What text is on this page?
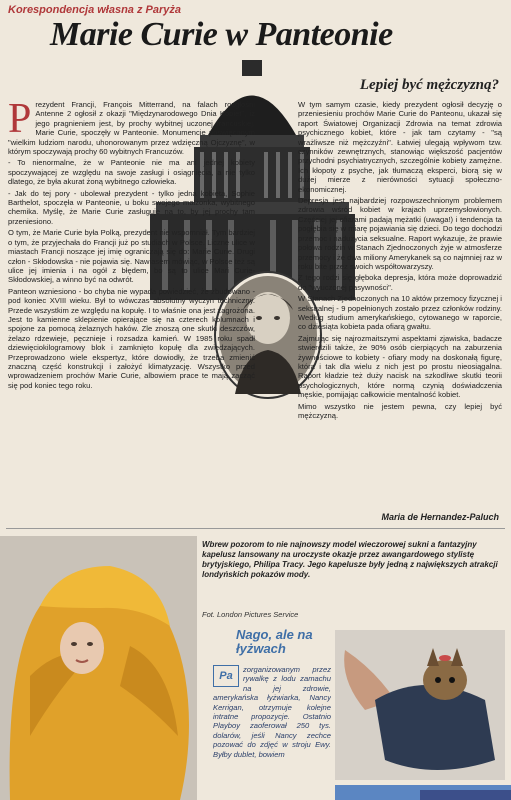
Korespondencja własna z Paryża
Marie Curie w Panteonie
Lepiej być mężczyzną?
P rezydent Francji, François Mitterrand, na falach rozgłośni Antenne 2 ogłosił z okazji "Międzynarodowego Dnia Kobiet", iż jego pragnieniem jest, by prochy wybitnej uczonej francuskiej, Marie Curie, spoczęły w Panteonie. Monumencie poświęconym "wielkim ludziom narodu, uhonorowanym przez wdzięczną Ojczyznę", w którym spoczywają prochy 60 wybitnych Francuzów.

- To nienormalne, że w Panteonie nie ma ani jednej kobiety spoczywającej ze względu na swoje zasługi i osiągnięcia, a nie tylko dlatego, że była akurat żoną wybitnego człowieka.

- Jak do tej pory - ubolewał prezydent - tylko jedna kobieta, Sophie Barthelot, spoczęła w Panteonie, u boku swojego małżonka, wybitnego chemika. Myślę, że Marie Curie zasługuje na to, by jej prochy tam przeniesiono.

O tym, że Marie Curie była Polką, prezydent nie wspomniał. Tym bardziej o tym, że przyjechała do Francji już po studiach w Polsce. Liczne ulice w miastach Francji noszące jej imię ograniczają się do: Marie Curie. Drugi człon - Skłodowska - nie pojawia się. Nawiasem mówiąc, w Polsce też są ulice jej imienia i na ogół z błędem, bo są to ulice Mari Curie-Skłodowskiej, a winno być na odwrót.

Panteon wzniesiono - bo chyba nie wypada powiedzieć, że zbudowano - pod koniec XVIII wieku. Był to wówczas absolutny wyczyn techniczny. Przede wszystkim ze względu na kopułę. I to właśnie ona jest zagrożona. Jest to kamienne sklepienie opierające się na czterech kolumnach i spojone za pomocą żelaznych haków. Zle znoszą one skutki deszczów, żelazo rdzewieje, pęcznieje i rozsadza kamień. W 1985 roku spadł dziewięciokilogramowy blok i zamknięto kopułę dla zwiedzających. Przeprowadzono wiele ekspertyz, które dowiodły, że trzeba zmienić znaczną część konstrukcji i założyć klimatyzację. Wszystko przed wprowadzeniem prochów Marie Curie, albowiem prace te mają zacząć się pod koniec tego roku.

W tym samym czasie, kiedy prezydent ogłosił decyzję o przeniesieniu prochów Marie Curie do Panteonu, ukazał się raport Światowej Organizacji Zdrowia na temat zdrowia psychicznego kobiet, które - jak tam czytamy - "są wrażliwsze niż mężczyźni". Łatwiej ulegają wpływom tzw. czynników zewnętrznych, stanowiąc większość pacjentów przychodni psychiatrycznych, szczególnie kobiety zamężne. Ich kłopoty z psyche, jak tłumaczą eksperci, biorą się w dużej mierze z nierówności sytuacji społeczno-ekonomicznej.

Depresja jest najbardziej rozpowszechnionym problemem zdrowia wśród kobiet w krajach uprzemysłowionych. Częściej jej ofiarami padają mężatki (uwaga!) i tendencja ta pogłębia się w miarę pojawiania się dzieci. Do tego dochodzi przemoc i nadużycia seksualne. Raport wykazuje, że prawie połowa rodzin w Stanach Zjednoczonych żyje w atmosferze przemocy i że dwa miliony Amerykanek są co najmniej raz w roku bite przez swoich współtowarzyszy.

Z tego rodzi się głęboka depresja, która może doprowadzić do "wyuczonej pasywności".

W Stanach Zjednoczonych na 10 aktów przemocy fizycznej i seksualnej - 9 popełnionych zostało przez członków rodziny. Według studium amerykańskiego, cytowanego w raporcie, co dziesiąta kobieta pada ofiarą gwałtu.

Zajmując się najrozmaitszymi aspektami zjawiska, badacze stwierdzili także, że 90% osób cierpiących na zaburzenia żywnościowe to kobiety - ofiary mody na doskonałą figurę, która i tak dla wielu z nich jest po prostu nieosiągalna. Raport kładzie też duży nacisk na szkodliwe skutki teorii psychologicznych, które normą czynią doświadczenia męskie, pomijając całkowicie mentalność kobiet.

Mimo wszystko nie jestem pewna, czy lepiej być mężczyzną.

Maria de Hernandez-Paluch
Wbrew pozorom to nie najnowszy model wieczorowej sukni a fantazyjny kapelusz lansowany na uroczyste okazje przez awangardowego stylistę brytyjskiego, Philipa Tracy. Jego kapelusze były jedną z największych atrakcji londyńskich pokazów mody.
Fot. London Pictures Service
Nago, ale na łyżwach
Pa
zorganizowanym przez rywalkę z lodu zamachu na jej zdrowie, amerykańska łyżwiarka, Nancy Kerrigan, otrzymuje kolejne intratne propozycje. Ostatnio Playboy zaoferował 250 tys. dolarów, jeśli Nancy zechce pozować do zdjęć w stroju Ewy. Byłby dublet, bowiem
